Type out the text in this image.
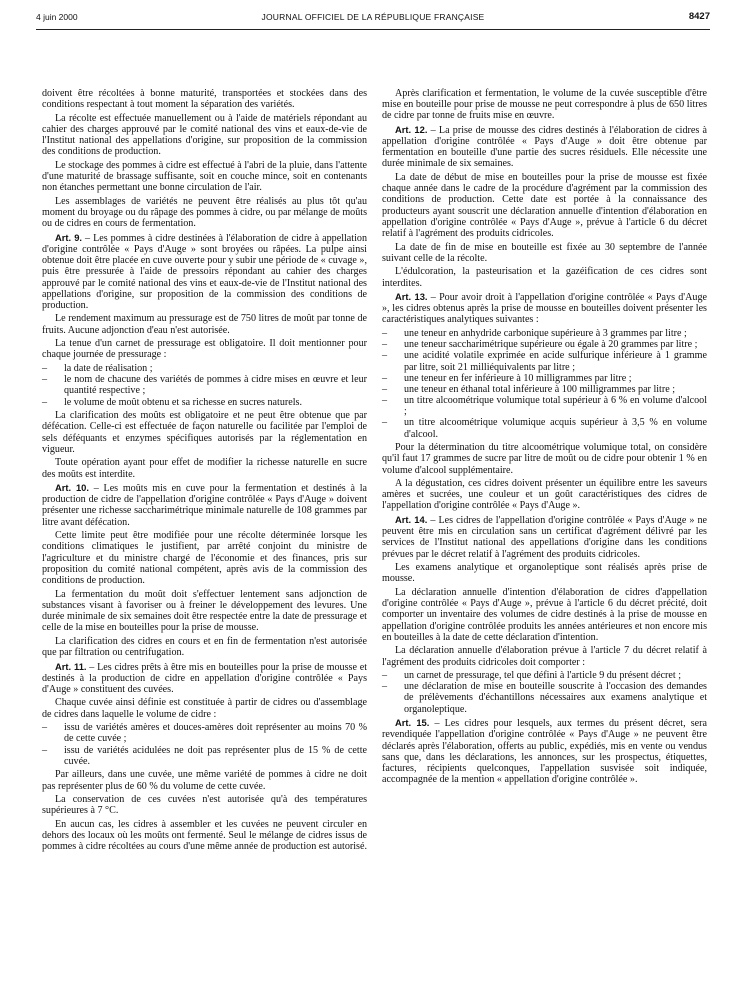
4 juin 2000	JOURNAL OFFICIEL DE LA RÉPUBLIQUE FRANÇAISE	8427

doivent être récoltées à bonne maturité, transportées et stockées dans des conditions respectant à tout moment la séparation des variétés.

La récolte est effectuée manuellement ou à l'aide de matériels répondant au cahier des charges approuvé par le comité national des vins et eaux-de-vie de l'Institut national des appellations d'origine, sur proposition de la commission des conditions de production.

Le stockage des pommes à cidre est effectué à l'abri de la pluie, dans l'attente d'une maturité de brassage suffisante, soit en couche mince, soit en contenants non étanches permettant une bonne circulation de l'air.

Les assemblages de variétés ne peuvent être réalisés au plus tôt qu'au moment du broyage ou du râpage des pommes à cidre, ou par mélange de moûts ou de cidres en cours de fermentation.

Art. 9. – Les pommes à cidre destinées à l'élaboration de cidre à appellation d'origine contrôlée « Pays d'Auge » sont broyées ou râpées. La pulpe ainsi obtenue doit être placée en cuve ouverte pour y subir une période de « cuvage », puis être pressurée à l'aide de pressoirs répondant au cahier des charges approuvé par le comité national des vins et eaux-de-vie de l'Institut national des appellations d'origine, sur proposition de la commission des conditions de production.

Le rendement maximum au pressurage est de 750 litres de moût par tonne de fruits. Aucune adjonction d'eau n'est autorisée.

La tenue d'un carnet de pressurage est obligatoire. Il doit mentionner pour chaque journée de pressurage :

– la date de réalisation ;
– le nom de chacune des variétés de pommes à cidre mises en œuvre et leur quantité respective ;
– le volume de moût obtenu et sa richesse en sucres naturels.

La clarification des moûts est obligatoire et ne peut être obtenue que par défécation. Celle-ci est effectuée de façon naturelle ou facilitée par l'emploi de sels déféquants et enzymes spécifiques autorisés par la réglementation en vigueur.

Toute opération ayant pour effet de modifier la richesse naturelle en sucre des moûts est interdite.

Art. 10. – Les moûts mis en cuve pour la fermentation et destinés à la production de cidre de l'appellation d'origine contrôlée « Pays d'Auge » doivent présenter une richesse saccharimétrique minimale naturelle de 108 grammes par litre avant défécation.

Cette limite peut être modifiée pour une récolte déterminée lorsque les conditions climatiques le justifient, par arrêté conjoint du ministre de l'agriculture et du ministre chargé de l'économie et des finances, pris sur proposition du comité national compétent, après avis de la commission des conditions de production.

La fermentation du moût doit s'effectuer lentement sans adjonction de substances visant à favoriser ou à freiner le développement des levures. Une durée minimale de six semaines doit être respectée entre la date de pressurage et celle de la mise en bouteilles pour la prise de mousse.

La clarification des cidres en cours et en fin de fermentation n'est autorisée que par filtration ou centrifugation.

Art. 11. – Les cidres prêts à être mis en bouteilles pour la prise de mousse et destinés à la production de cidre en appellation d'origine contrôlée « Pays d'Auge » constituent des cuvées.

Chaque cuvée ainsi définie est constituée à partir de cidres ou d'assemblage de cidres dans laquelle le volume de cidre :

– issu de variétés amères et douces-amères doit représenter au moins 70 % de cette cuvée ;
– issu de variétés acidulées ne doit pas représenter plus de 15 % de cette cuvée.

Par ailleurs, dans une cuvée, une même variété de pommes à cidre ne doit pas représenter plus de 60 % du volume de cette cuvée.

La conservation de ces cuvées n'est autorisée qu'à des températures supérieures à 7 °C.

En aucun cas, les cidres à assembler et les cuvées ne peuvent circuler en dehors des locaux où les moûts ont fermenté. Seul le mélange de cidres issus de pommes à cidre récoltées au cours d'une même année de production est autorisé.

Après clarification et fermentation, le volume de la cuvée susceptible d'être mise en bouteille pour prise de mousse ne peut correspondre à plus de 650 litres de cidre par tonne de fruits mise en œuvre.

Art. 12. – La prise de mousse des cidres destinés à l'élaboration de cidres à appellation d'origine contrôlée « Pays d'Auge » doit être obtenue par fermentation en bouteille d'une partie des sucres résiduels. Elle nécessite une durée minimale de six semaines.

La date de début de mise en bouteilles pour la prise de mousse est fixée chaque année dans le cadre de la procédure d'agrément par la commission des conditions de production. Cette date est portée à la connaissance des producteurs ayant souscrit une déclaration annuelle d'intention d'élaboration en appellation d'origine contrôlée « Pays d'Auge », prévue à l'article 6 du décret relatif à l'agrément des produits cidricoles.

La date de fin de mise en bouteille est fixée au 30 septembre de l'année suivant celle de la récolte.

L'édulcoration, la pasteurisation et la gazéification de ces cidres sont interdites.

Art. 13. – Pour avoir droit à l'appellation d'origine contrôlée « Pays d'Auge », les cidres obtenus après la prise de mousse en bouteilles doivent présenter les caractéristiques analytiques suivantes :

– une teneur en anhydride carbonique supérieure à 3 grammes par litre ;
– une teneur saccharimétrique supérieure ou égale à 20 grammes par litre ;
– une acidité volatile exprimée en acide sulfurique inférieure à 1 gramme par litre, soit 21 milliéquivalents par litre ;
– une teneur en fer inférieure à 10 milligrammes par litre ;
– une teneur en éthanal total inférieure à 100 milligrammes par litre ;
– un titre alcoométrique volumique total supérieur à 6 % en volume d'alcool ;
– un titre alcoométrique volumique acquis supérieur à 3,5 % en volume d'alcool.

Pour la détermination du titre alcoométrique volumique total, on considère qu'il faut 17 grammes de sucre par litre de moût ou de cidre pour obtenir 1 % en volume d'alcool supplémentaire.

A la dégustation, ces cidres doivent présenter un équilibre entre les saveurs amères et sucrées, une couleur et un goût caractéristiques des cidres de l'appellation d'origine contrôlée « Pays d'Auge ».

Art. 14. – Les cidres de l'appellation d'origine contrôlée « Pays d'Auge » ne peuvent être mis en circulation sans un certificat d'agrément délivré par les services de l'Institut national des appellations d'origine dans les conditions prévues par le décret relatif à l'agrément des produits cidricoles.

Les examens analytique et organoleptique sont réalisés après prise de mousse.

La déclaration annuelle d'intention d'élaboration de cidres d'appellation d'origine contrôlée « Pays d'Auge », prévue à l'article 6 du décret précité, doit comporter un inventaire des volumes de cidre destinés à la prise de mousse en appellation d'origine contrôlée produits les années antérieures et non encore mis en bouteilles à la date de cette déclaration d'intention.

La déclaration annuelle d'élaboration prévue à l'article 7 du décret relatif à l'agrément des produits cidricoles doit comporter :

– un carnet de pressurage, tel que défini à l'article 9 du présent décret ;
– une déclaration de mise en bouteille souscrite à l'occasion des demandes de prélèvements d'échantillons nécessaires aux examens analytique et organoleptique.

Art. 15. – Les cidres pour lesquels, aux termes du présent décret, sera revendiquée l'appellation d'origine contrôlée « Pays d'Auge » ne peuvent être déclarés après l'élaboration, offerts au public, expédiés, mis en vente ou vendus sans que, dans les déclarations, les annonces, sur les prospectus, étiquettes, factures, récipients quelconques, l'appellation susvisée soit indiquée, accompagnée de la mention « appellation d'origine contrôlée ».
